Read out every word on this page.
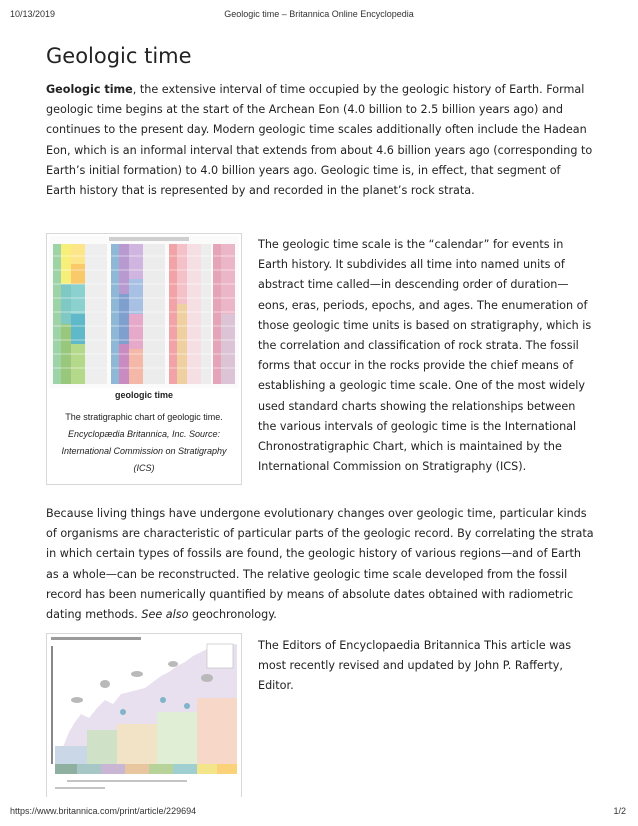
10/13/2019	Geologic time – Britannica Online Encyclopedia
Geologic time

Geologic time, the extensive interval of time occupied by the geologic history of Earth. Formal geologic time begins at the start of the Archean Eon (4.0 billion to 2.5 billion years ago) and continues to the present day. Modern geologic time scales additionally often include the Hadean Eon, which is an informal interval that extends from about 4.6 billion years ago (corresponding to Earth’s initial formation) to 4.0 billion years ago. Geologic time is, in effect, that segment of Earth history that is represented by and recorded in the planet’s rock strata.

geologic time
The stratigraphic chart of geologic time.
Encyclopædia Britannica, Inc. Source:
International Commission on Stratigraphy
(ICS)

The geologic time scale is the “calendar” for events in Earth history. It subdivides all time into named units of abstract time called—in descending order of duration—eons, eras, periods, epochs, and ages. The enumeration of those geologic time units is based on stratigraphy, which is the correlation and classification of rock strata. The fossil forms that occur in the rocks provide the chief means of establishing a geologic time scale. One of the most widely used standard charts showing the relationships between the various intervals of geologic time is the International Chronostratigraphic Chart, which is maintained by the International Commission on Stratigraphy (ICS).

Because living things have undergone evolutionary changes over geologic time, particular kinds of organisms are characteristic of particular parts of the geologic record. By correlating the strata in which certain types of fossils are found, the geologic history of various regions—and of Earth as a whole—can be reconstructed. The relative geologic time scale developed from the fossil record has been numerically quantified by means of absolute dates obtained with radiometric dating methods. See also geochronology.

The Editors of Encyclopaedia Britannica This article was most recently revised and updated by John P. Rafferty, Editor.

https://www.britannica.com/print/article/229694	1/2
